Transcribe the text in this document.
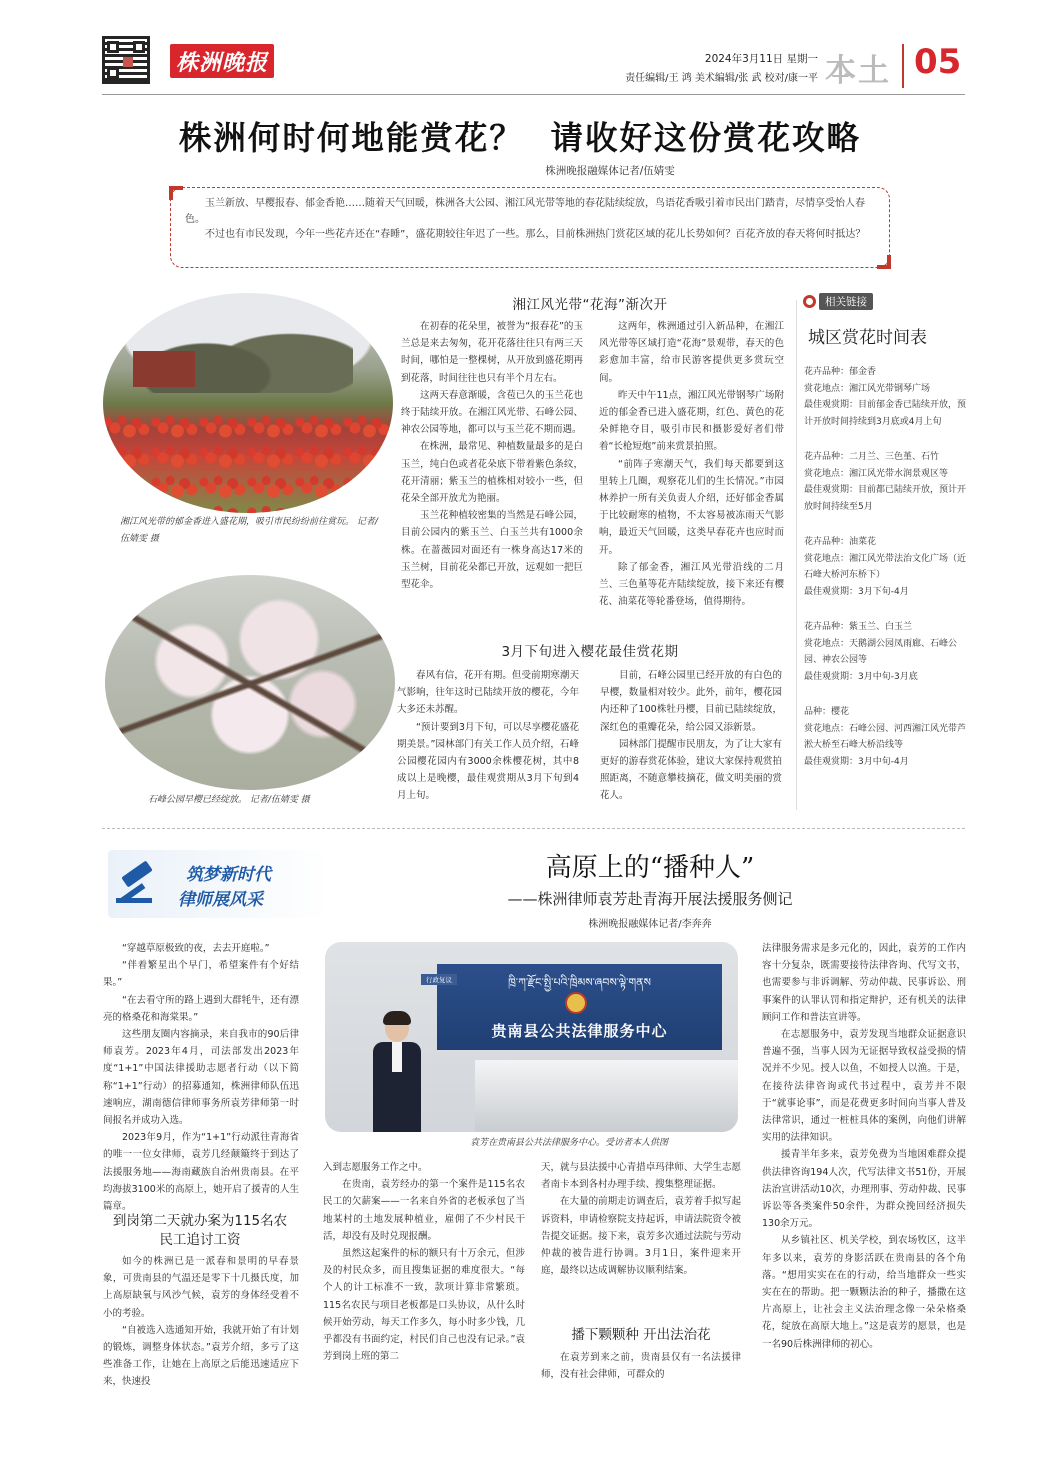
株洲晚报	2024年3月11日 星期一
责任编辑/王 鸿 美术编辑/张 武 校对/康一平 本土 05
株洲何时何地能赏花？  请收好这份赏花攻略
株洲晚报融媒体记者/伍婧雯

玉兰新放、早樱报春、郁金香艳……随着天气回暖，株洲各大公园、湘江风光带等地的春花陆续绽放，鸟语花香吸引着市民出门踏青，尽情享受怡人春色。

不过也有市民发现，今年一些花卉还在“春睡”，盛花期较往年迟了一些。那么，目前株洲热门赏花区域的花儿长势如何？百花齐放的春天将何时抵达？

湘江风光带的郁金香进入盛花期，吸引市民纷纷前往赏玩。 记者/伍婧雯 摄
石峰公园早樱已经绽放。 记者/伍婧雯 摄
湘江风光带“花海”渐次开

在初春的花朵里，被誉为“报春花”的玉兰总是来去匆匆，花开花落往往只有两三天时间，哪怕是一整棵树，从开放到盛花期再到花落，时间往往也只有半个月左右。

这两天春意渐暖，含苞已久的玉兰花也终于陆续开放。在湘江风光带、石峰公园、神农公园等地，都可以与玉兰花不期而遇。

在株洲，最常见、种植数量最多的是白玉兰，纯白色或者花朵底下带着紫色条纹，花开清丽；紫玉兰的植株相对较小一些，但花朵全部开放尤为艳丽。

玉兰花种植较密集的当然是石峰公园，目前公园内的紫玉兰、白玉兰共有1000余株。在蔷薇园对面还有一株身高达17米的玉兰树，目前花朵都已开放，远观如一把巨型花伞。

这两年，株洲通过引入新品种，在湘江风光带等区域打造“花海”景观带，春天的色彩愈加丰富，给市民游客提供更多赏玩空间。

昨天中午11点，湘江风光带钢琴广场附近的郁金香已进入盛花期，红色、黄色的花朵鲜艳夺目，吸引市民和摄影爱好者们带着“长枪短炮”前来赏景拍照。

“前阵子寒潮天气，我们每天都要到这里转上几圈，观察花儿们的生长情况。”市园林养护一所有关负责人介绍，还好郁金香属于比较耐寒的植物，不太容易被冻雨天气影响，最近天气回暖，这类早春花卉也应时而开。

除了郁金香，湘江风光带沿线的二月兰、三色堇等花卉陆续绽放，接下来还有樱花、油菜花等轮番登场，值得期待。

3月下旬进入樱花最佳赏花期

春风有信，花开有期。但受前期寒潮天气影响，往年这时已陆续开放的樱花，今年大多还未苏醒。

“预计要到3月下旬，可以尽享樱花盛花期美景。”园林部门有关工作人员介绍，石峰公园樱花园内有3000余株樱花树，其中8成以上是晚樱，最佳观赏期从3月下旬到4月上旬。

目前，石峰公园里已经开放的有白色的早樱，数量相对较少。此外，前年，樱花园内还种了100株牡丹樱，目前已陆续绽放，深红色的重瓣花朵，给公园又添新景。

园林部门提醒市民朋友，为了让大家有更好的游春赏花体验，建议大家保持观赏拍照距离，不随意攀枝摘花，做文明美丽的赏花人。

相关链接
城区赏花时间表
花卉品种：郁金香
赏花地点：湘江风光带钢琴广场
最佳观赏期：目前郁金香已陆续开放，预计开放时间持续到3月底或4月上旬
花卉品种：二月兰、三色堇、石竹
赏花地点：湘江风光带水润景观区等
最佳观赏期：目前都已陆续开放，预计开放时间持续至5月
花卉品种：油菜花
赏花地点：湘江风光带法治文化广场（近石峰大桥河东桥下）
最佳观赏期：3月下旬-4月
花卉品种：紫玉兰、白玉兰
赏花地点：天鹅湖公园凤雨廊、石峰公园、神农公园等
最佳观赏期：3月中旬-3月底
品种：樱花
赏花地点：石峰公园、河西湘江风光带芦淞大桥至石峰大桥沿线等
最佳观赏期：3月中旬-4月
筑梦新时代
律师展风采
高原上的“播种人”
——株洲律师袁芳赴青海开展法援服务侧记
株洲晚报融媒体记者/李奔奔
ཁྲི་ཀ་རྫོང་སྤྱི་པའི་ཁྲིམས་ཞབས་ལྟེ་གནས
贵南县公共法律服务中心
行政复议
袁芳在贵南县公共法律服务中心。受访者本人供图

“穿越草原极致的夜，去去开庭啦。”

“伴着繁星出个早门，希望案件有个好结果。”

“在去看守所的路上遇到大群牦牛，还有漂亮的格桑花和海棠果。”

这些朋友圈内容摘录，来自我市的90后律师袁芳。2023年4月，司法部发出2023年度“1+1”中国法律援助志愿者行动（以下简称“1+1”行动）的招募通知，株洲律师队伍迅速响应，湖南德信律师事务所袁芳律师第一时间报名并成功入选。

2023年9月，作为“1+1”行动派往青海省的唯一一位女律师，袁芳几经颠簸终于到达了法援服务地——海南藏族自治州贵南县。在平均海拔3100米的高原上，她开启了援青的人生篇章。

到岗第二天就办案为115名农民工追讨工资

如今的株洲已是一派春和景明的早春景象，可贵南县的气温还是零下十几摄氏度，加上高原缺氧与风沙气候，袁芳的身体经受着不小的考验。

“自被选入选通知开始，我就开始了有计划的锻炼，调整身体状态。”袁芳介绍，多亏了这些准备工作，让她在上高原之后能迅速适应下来，快速投

入到志愿服务工作之中。

在贵南，袁芳经办的第一个案件是115名农民工的欠薪案——一名来自外省的老板承包了当地某村的土地发展种植业，雇佣了不少村民干活，却没有及时兑现报酬。

虽然这起案件的标的额只有十万余元，但涉及的村民众多，而且搜集证据的难度很大。“每个人的计工标准不一致，款项计算非常繁琐。115名农民与项目老板都是口头协议，从什么时候开始劳动，每天工作多久，每小时多少钱，几乎都没有书面约定，村民们自己也没有记录。”袁芳到岗上班的第二

天，就与县法援中心青措卓玛律师、大学生志愿者南卡本到各村办理手续、搜集整理证据。

在大量的前期走访调查后，袁芳着手拟写起诉资料，申请检察院支持起诉，申请法院资令被告提交证据。接下来，袁芳多次通过法院与劳动仲裁的被告进行协调。3月1日，案件迎来开庭，最终以达成调解协议顺利结案。

播下颗颗种 开出法治花

在袁芳到来之前，贵南县仅有一名法援律师，没有社会律师，可群众的

法律服务需求是多元化的，因此，袁芳的工作内容十分复杂，既需要接待法律咨询、代写文书，也需要参与非诉调解、劳动仲裁、民事诉讼、刑事案件的认罪认罚和指定辩护，还有机关的法律顾问工作和普法宣讲等。

在志愿服务中，袁芳发现当地群众证据意识普遍不强，当事人因为无证据导致权益受损的情况并不少见。授人以鱼，不如授人以渔。于是，在接待法律咨询或代书过程中，袁芳并不限于“就事论事”，而是花费更多时间向当事人普及法律常识，通过一桩桩具体的案例，向他们讲解实用的法律知识。

援青半年多来，袁芳免费为当地困难群众提供法律咨询194人次，代写法律文书51份，开展法治宣讲活动10次，办理刑事、劳动仲裁、民事诉讼等各类案件50余件，为群众挽回经济损失130余万元。

从乡镇社区、机关学校，到农场牧区，这半年多以来，袁芳的身影活跃在贵南县的各个角落。“想用实实在在的行动，给当地群众一些实实在在的帮助。把一颗颗法治的种子，播撒在这片高原上，让社会主义法治理念像一朵朵格桑花，绽放在高原大地上。”这是袁芳的愿景，也是一名90后株洲律师的初心。
